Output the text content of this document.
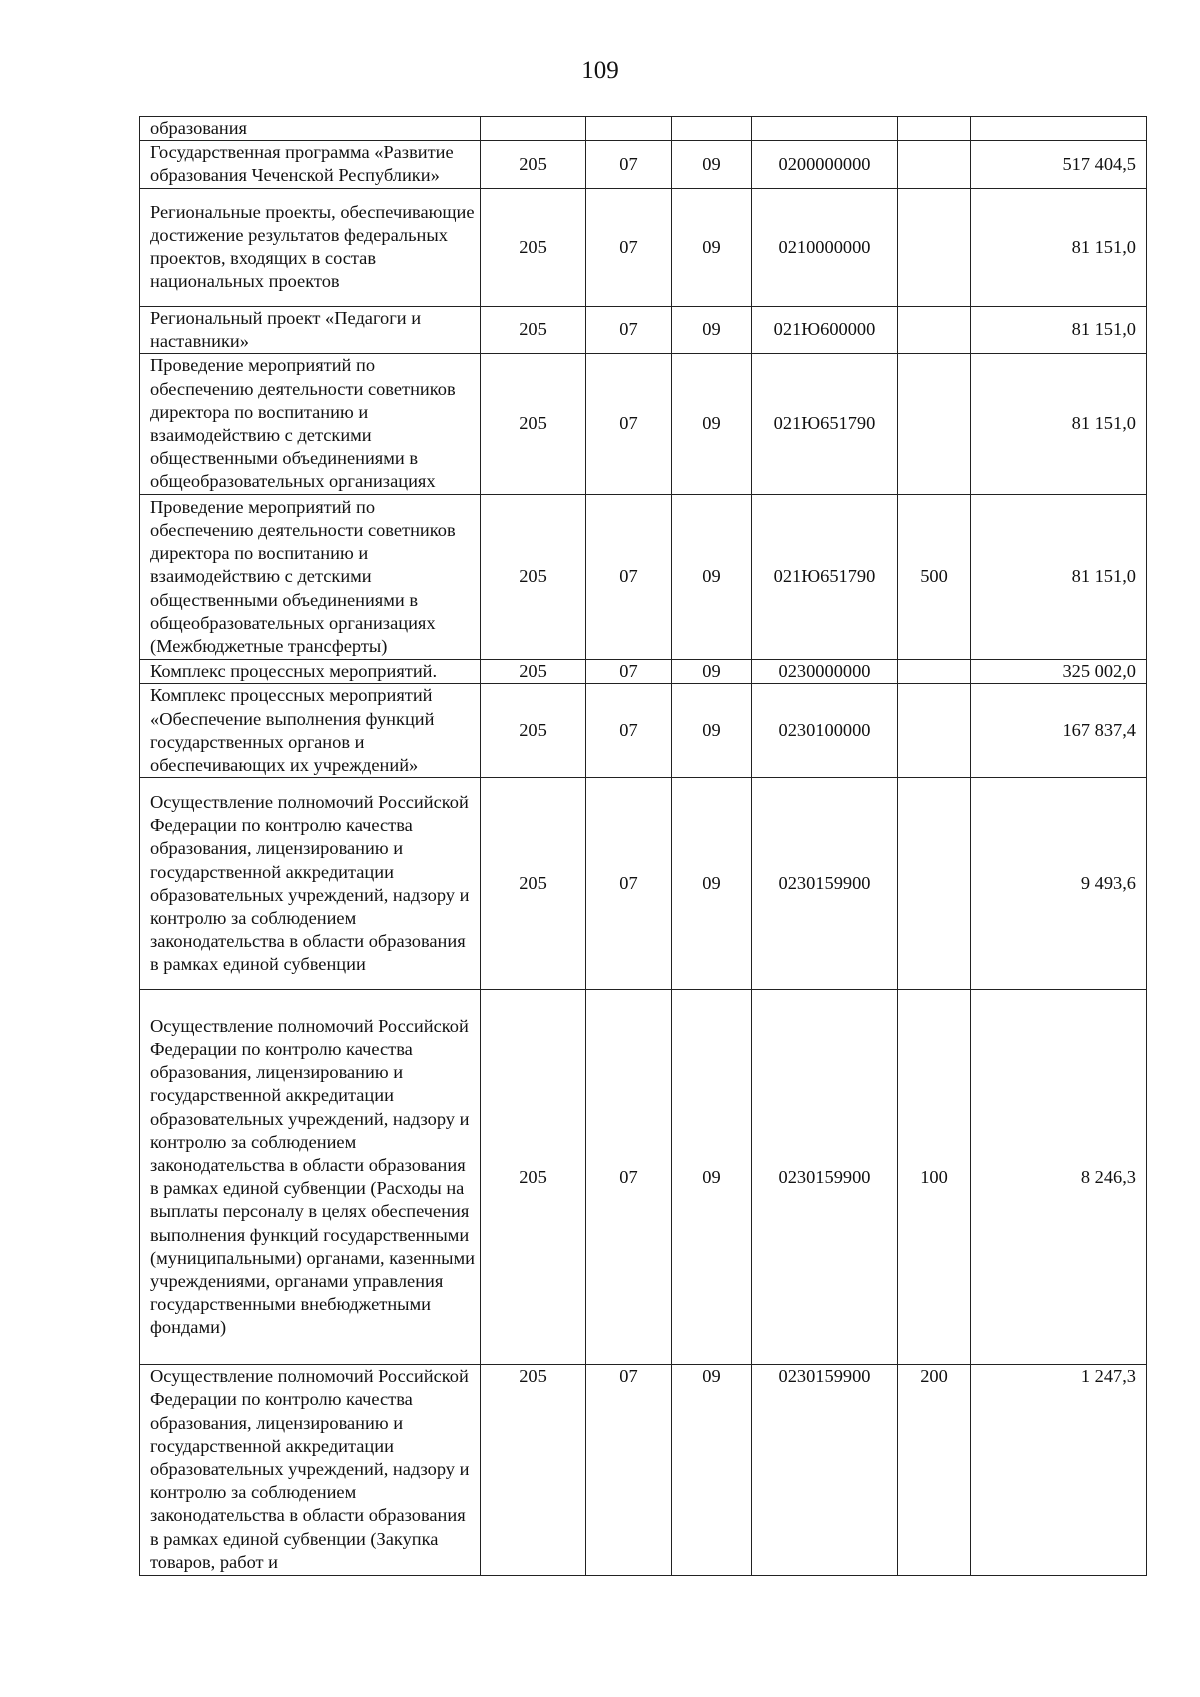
109
образования						
Государственная программа «Развитие образования Чеченской Республики»	205	07	09	0200000000		517 404,5
Региональные проекты, обеспечивающие достижение результатов федеральных проектов, входящих в состав национальных проектов	205	07	09	0210000000		81 151,0
Региональный проект «Педагоги и наставники»	205	07	09	021Ю600000		81 151,0
Проведение мероприятий по обеспечению деятельности советников директора по воспитанию и взаимодействию с детскими общественными объединениями в общеобразовательных организациях	205	07	09	021Ю651790		81 151,0
Проведение мероприятий по обеспечению деятельности советников директора по воспитанию и взаимодействию с детскими общественными объединениями в общеобразовательных организациях (Межбюджетные трансферты)	205	07	09	021Ю651790	500	81 151,0
Комплекс процессных мероприятий.	205	07	09	0230000000		325 002,0
Комплекс процессных мероприятий «Обеспечение выполнения функций государственных органов и обеспечивающих их учреждений»	205	07	09	0230100000		167 837,4
Осуществление полномочий Российской Федерации по контролю качества образования, лицензированию и государственной аккредитации образовательных учреждений, надзору и контролю за соблюдением законодательства в области образования в рамках единой субвенции	205	07	09	0230159900		9 493,6
Осуществление полномочий Российской Федерации по контролю качества образования, лицензированию и государственной аккредитации образовательных учреждений, надзору и контролю за соблюдением законодательства в области образования в рамках единой субвенции (Расходы на выплаты персоналу в целях обеспечения выполнения функций государственными (муниципальными) органами, казенными учреждениями, органами управления государственными внебюджетными фондами)	205	07	09	0230159900	100	8 246,3
Осуществление полномочий Российской Федерации по контролю качества образования, лицензированию и государственной аккредитации образовательных учреждений, надзору и контролю за соблюдением законодательства в области образования в рамках единой субвенции (Закупка товаров, работ и	205	07	09	0230159900	200	1 247,3
